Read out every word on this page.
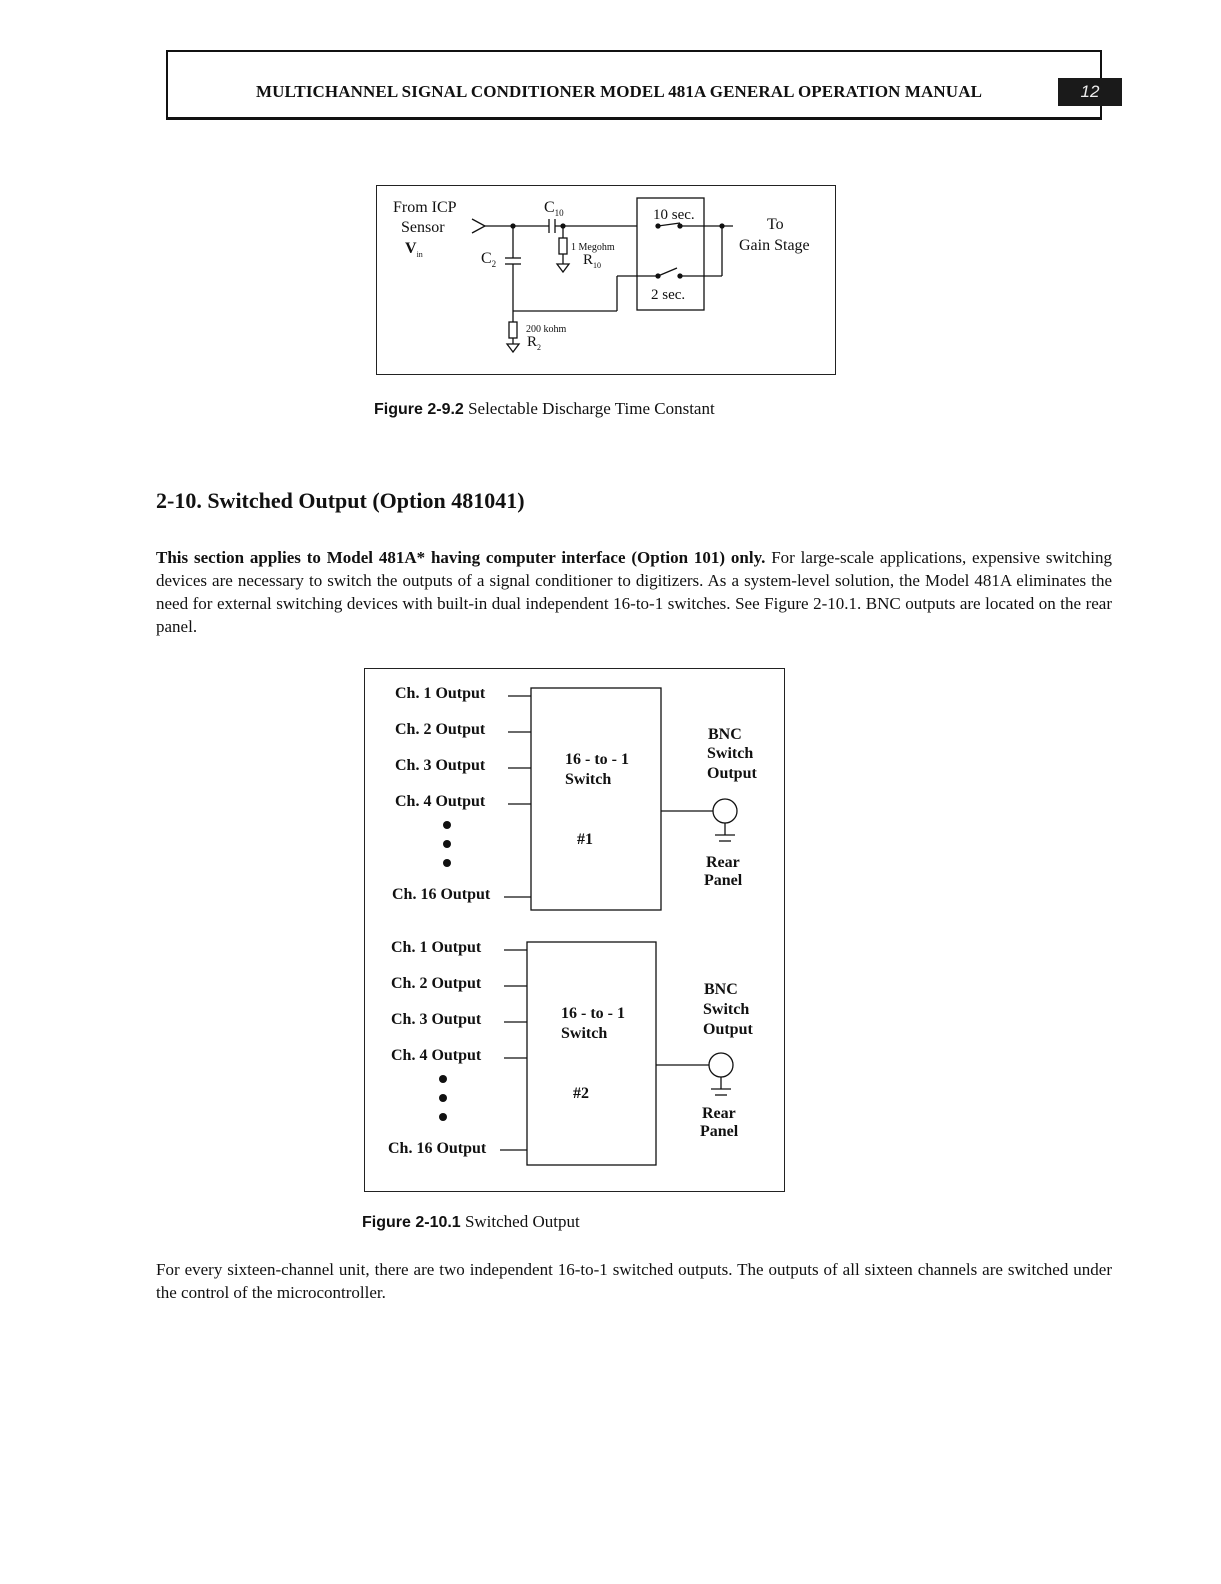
MULTICHANNEL SIGNAL CONDITIONER MODEL 481A GENERAL OPERATION MANUAL	12
From ICP
Sensor
$V_{in}$
$C_{10}$
$C_2$
1 Megohm
$R_{10}$
10 sec.
2 sec.
To
Gain Stage
200 kohm
$R_2$
Figure 2-9.2 Selectable Discharge Time Constant
2-10. Switched Output (Option 481041)
This section applies to Model 481A* having computer interface (Option 101) only. For large-scale applications, expensive switching devices are necessary to switch the outputs of a signal conditioner to digitizers. As a system-level solution, the Model 481A eliminates the need for external switching devices with built-in dual independent 16-to-1 switches. See Figure 2-10.1. BNC outputs are located on the rear panel.
Ch. 1 Output
Ch. 2 Output
Ch. 3 Output
Ch. 4 Output
Ch. 16 Output
16 - to - 1
Switch
#1
BNC
Switch
Output
Rear
Panel
Ch. 1 Output
Ch. 2 Output
Ch. 3 Output
Ch. 4 Output
Ch. 16 Output
16 - to - 1
Switch
#2
BNC
Switch
Output
Rear
Panel
Figure 2-10.1 Switched Output
For every sixteen-channel unit, there are two independent 16-to-1 switched outputs. The outputs of all sixteen channels are switched under the control of the microcontroller.
